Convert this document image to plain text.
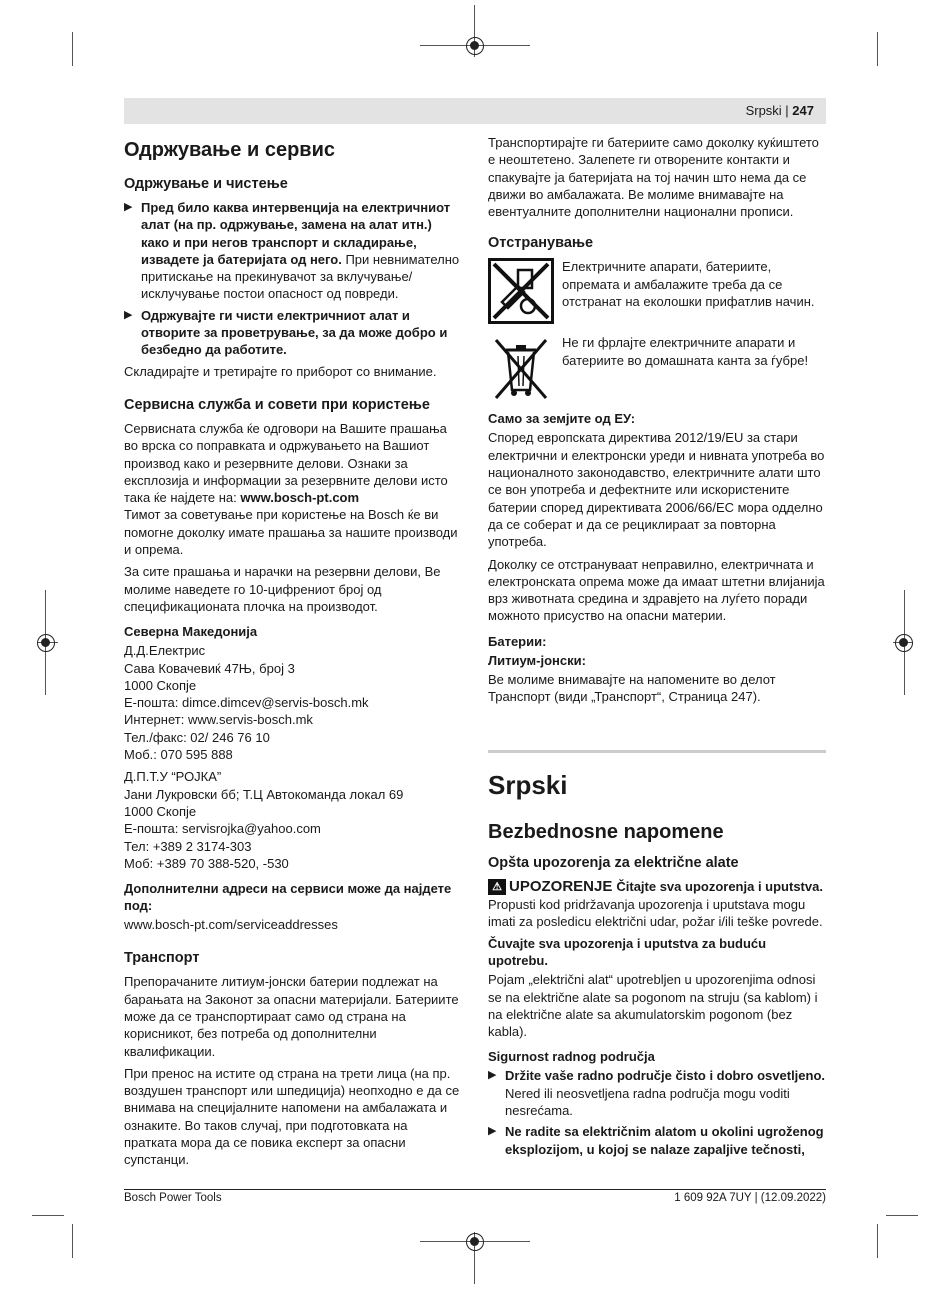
Srpski | 247
Одржување и сервис
Одржување и чистење
▶ Пред било каква интервенција на електричниот алат (на пр. одржување, замена на алат итн.) како и при негов транспорт и складирање, извадете ја батеријата од него. При невнимателно притискање на прекинувачот за вклучување/исклучување постои опасност од повреди.
▶ Одржувајте ги чисти електричниот алат и отворите за проветрување, за да може добро и безбедно да работите.

Складирајте и третирајте го приборот со внимание.

Сервисна служба и совети при користење

Сервисната служба ќе одговори на Вашите прашања во врска со поправката и одржувањето на Вашиот производ како и резервните делови. Ознаки за експлозија и информации за резервните делови исто така ќе најдете на: www.bosch-pt.com
Тимот за советување при користење на Bosch ќе ви помогне доколку имате прашања за нашите производи и опрема.

За сите прашања и нарачки на резервни делови, Ве молиме наведете го 10-цифрениот број од спецификационата плочка на производот.

Северна Македонија

Д.Д.Електрис

Сава Ковачевиќ 47Њ, број 3

1000 Скопје

Е-пошта: dimce.dimcev@servis-bosch.mk

Интернет: www.servis-bosch.mk

Тел./факс: 02/ 246 76 10

Моб.: 070 595 888

Д.П.Т.У “РОЈКА”

Јани Лукровски бб; Т.Ц Автокоманда локал 69

1000 Скопје

Е-пошта: servisrojka@yahoo.com

Тел: +389 2 3174-303

Моб: +389 70 388-520, -530

Дополнителни адреси на сервиси може да најдете под:

www.bosch-pt.com/serviceaddresses

Транспорт

Препорачаните литиум-јонски батерии подлежат на барањата на Законот за опасни материјали. Батериите може да се транспортираат само од страна на корисникот, без потреба од дополнителни квалификации.

При пренос на истите од страна на трети лица (на пр. воздушен транспорт или шпедиција) неопходно е да се внимава на специјалните напомени на амбалажата и ознаките. Во таков случај, при подготовката на пратката мора да се повика експерт за опасни супстанци.

Транспортирајте ги батериите само доколку куќиштето е неоштетено. Залепете ги отворените контакти и спакувајте ја батеријата на тој начин што нема да се движи во амбалажата. Ве молиме внимавајте на евентуалните дополнителни национални прописи.

Отстранување
Електричните апарати, батериите, опремата и амбалажите треба да се отстранат на еколошки прифатлив начин.
Не ги фрлајте електричните апарати и батериите во домашната канта за ѓубре!
Само за земјите од ЕУ:

Според европската директива 2012/19/EU за стари електрични и електронски уреди и нивната употреба во националното законодавство, електричните алати што се вон употреба и дефектните или искористените батерии според директивата 2006/66/EC мора одделно да се соберат и да се рециклираат за повторна употреба.

Доколку се отстрануваат неправилно, електричната и електронската опрема може да имаат штетни влијанија врз животната средина и здравјето на луѓето поради можното присуство на опасни материи.

Батерии:
Литиум-јонски:

Ве молиме внимавајте на напомените во делот Транспорт (види „Транспорт“, Страница 247).

Srpski
Bezbednosne napomene
Opšta upozorenja za električne alate
⚠ UPOZORENJE Čitajte sva upozorenja i uputstva.

Propusti kod pridržavanja upozorenja i uputstava mogu imati za posledicu električni udar, požar i/ili teške povrede.

Čuvajte sva upozorenja i uputstva za buduću upotrebu.

Pojam „električni alat“ upotrebljen u upozorenjima odnosi se na električne alate sa pogonom na struju (sa kablom) i na električne alate sa akumulatorskim pogonom (bez kabla).

Sigurnost radnog područja
▶ Držite vaše radno područje čisto i dobro osvetljeno. Nered ili neosvetljena radna područja mogu voditi nesrećama.
▶ Ne radite sa električnim alatom u okolini ugroženog eksplozijom, u kojoj se nalaze zapaljive tečnosti,
Bosch Power Tools	1 609 92A 7UY | (12.09.2022)
